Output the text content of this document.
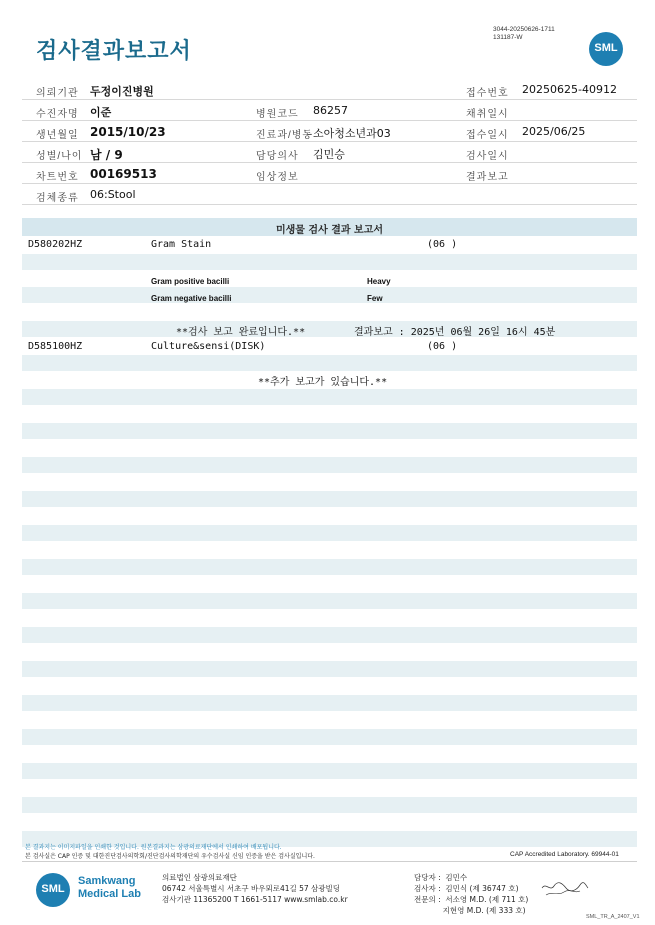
검사결과보고서
3044-20250626-1711
131187-W
SML
의뢰기관 두정이진병원	접수번호 20250625-40912
수진자명 이준	병원코드 86257	채취일시
생년월일 2015/10/23	진료과/병동 소아청소년과03	접수일시 2025/06/25
성별/나이 남 / 9	담당의사 김민승	검사일시
차트번호 00169513	임상정보	결과보고
검체종류 06:Stool
미생물 검사 결과 보고서
D580202HZ	Gram Stain	(06 )
Gram positive bacilli	Heavy
Gram negative bacilli	Few
**검사 보고 완료입니다.**	결과보고 : 2025년 06월 26일 16시 45분
D585100HZ	Culture&sensi(DISK)	(06 )
**추가 보고가 있습니다.**
본 결과지는 이미지파일을 인쇄한 것입니다. 원본결과지는 삼광의료재단에서 인쇄하여 배포됩니다.
본 검사실은 CAP 인증 및 대한진단검사의학회/진단검사의학재단의 우수검사실 신임 인증을 받은 검사실입니다.	CAP Accredited Laboratory. 69944-01
SML
Samkwang
Medical Lab
의료법인 삼광의료재단
06742 서울특별시 서초구 바우뫼로41길 57 삼광빌딩
검사기관 11365200 T 1661-5117 www.smlab.co.kr
담당자 :  김민수
검사자 :  김민식 (제 36747 호)
전문의 :  서소영 M.D. (제 711 호)
지현영 M.D. (제 333 호)
SML_TR_A_2407_V1
